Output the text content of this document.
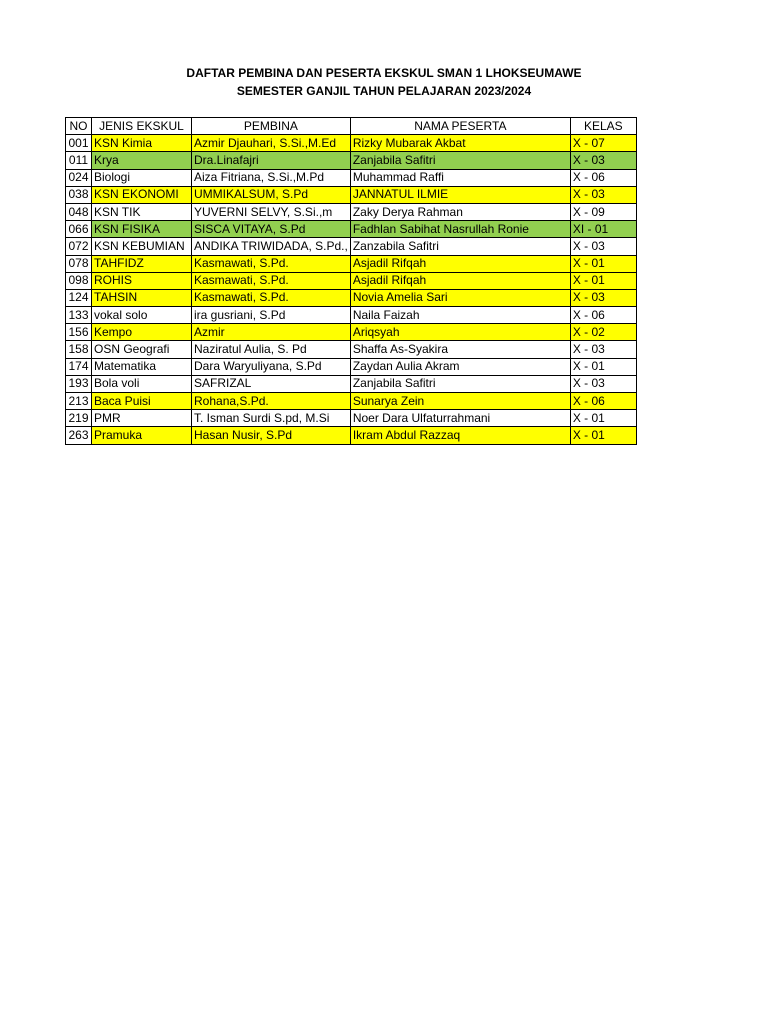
DAFTAR PEMBINA DAN PESERTA EKSKUL SMAN 1 LHOKSEUMAWE
SEMESTER GANJIL TAHUN PELAJARAN 2023/2024
NO	JENIS EKSKUL	PEMBINA	NAMA PESERTA	KELAS
001	KSN Kimia	Azmir Djauhari, S.Si.,M.Ed	Rizky Mubarak Akbat	X - 07
011	Krya	Dra.Linafajri	Zanjabila Safitri	X - 03
024	Biologi	Aiza Fitriana, S.Si.,M.Pd	Muhammad Raffi	X - 06
038	KSN EKONOMI	UMMIKALSUM, S.Pd	JANNATUL ILMIE	X - 03
048	KSN TIK	YUVERNI SELVY, S.Si.,m	Zaky Derya Rahman	X - 09
066	KSN FISIKA	SISCA VITAYA, S.Pd	Fadhlan Sabihat Nasrullah Ronie	XI - 01
072	KSN KEBUMIAN	ANDIKA TRIWIDADA, S.Pd.,	Zanzabila Safitri	X - 03
078	TAHFIDZ	Kasmawati, S.Pd.	Asjadil Rifqah	X - 01
098	ROHIS	Kasmawati, S.Pd.	Asjadil Rifqah	X - 01
124	TAHSIN	Kasmawati, S.Pd.	Novia Amelia Sari	X - 03
133	vokal solo	ira gusriani, S.Pd	Naila Faizah	X - 06
156	Kempo	Azmir	Ariqsyah	X - 02
158	OSN Geografi	Naziratul Aulia, S. Pd	Shaffa As-Syakira	X - 03
174	Matematika	Dara Waryuliyana, S.Pd	Zaydan Aulia Akram	X - 01
193	Bola voli	SAFRIZAL	Zanjabila Safitri	X - 03
213	Baca Puisi	Rohana,S.Pd.	Sunarya Zein	X - 06
219	PMR	T. Isman Surdi S.pd, M.Si	Noer Dara Ulfaturrahmani	X - 01
263	Pramuka	Hasan Nusir, S.Pd	Ikram Abdul Razzaq	X - 01
